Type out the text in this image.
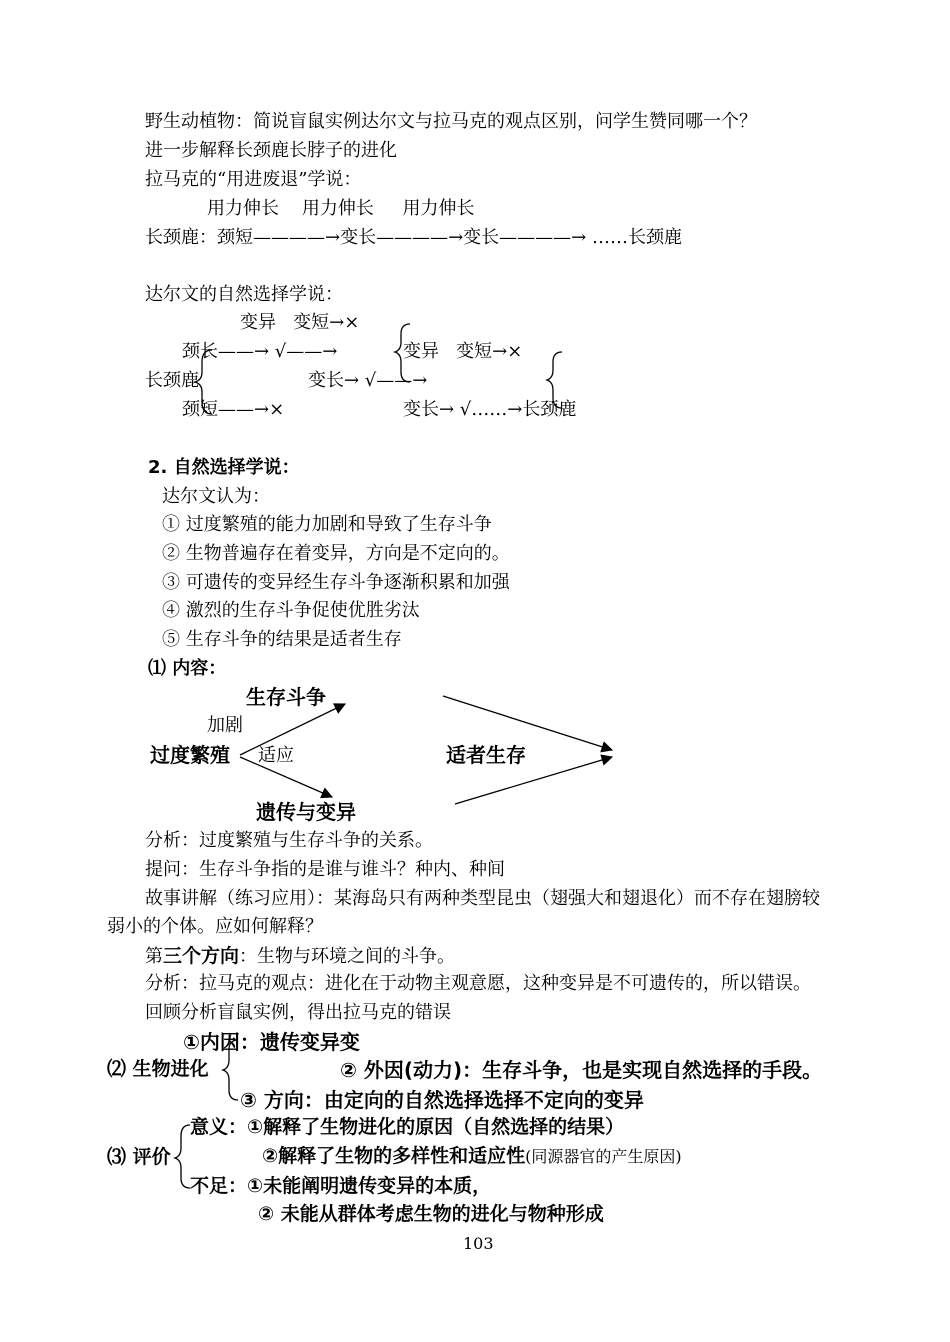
野生动植物：简说盲鼠实例达尔文与拉马克的观点区别，问学生赞同哪一个？
进一步解释长颈鹿长脖子的进化
拉马克的“用进废退”学说：
用力伸长    用力伸长     用力伸长
长颈鹿：颈短————→变长————→变长————→ ……长颈鹿
达尔文的自然选择学说：
变异   变短→×
颈长——→ √——→	变异   变短→×
长颈鹿	变长→ √——→
颈短——→×	变长→ √……→长颈鹿
2. 自然选择学说：
达尔文认为：
① 过度繁殖的能力加剧和导致了生存斗争
② 生物普遍存在着变异，方向是不定向的。
③ 可遗传的变异经生存斗争逐渐积累和加强
④ 激烈的生存斗争促使优胜劣汰
⑤ 生存斗争的结果是适者生存
⑴ 内容：
生存斗争
加剧
过度繁殖 适应	适者生存
遗传与变异
分析：过度繁殖与生存斗争的关系。
提问：生存斗争指的是谁与谁斗？种内、种间
故事讲解（练习应用）：某海岛只有两种类型昆虫（翅强大和翅退化）而不存在翅膀较
弱小的个体。应如何解释？
第三个方向：生物与环境之间的斗争。
分析：拉马克的观点：进化在于动物主观意愿，这种变异是不可遗传的，所以错误。
回顾分析盲鼠实例，得出拉马克的错误
①内因：遗传变异变
⑵ 生物进化	② 外因(动力)：生存斗争，也是实现自然选择的手段。
③ 方向：由定向的自然选择选择不定向的变异
意义：①解释了生物进化的原因（自然选择的结果）
⑶ 评价	②解释了生物的多样性和适应性(同源器官的产生原因)
不足：①未能阐明遗传变异的本质，
② 未能从群体考虑生物的进化与物种形成
103
